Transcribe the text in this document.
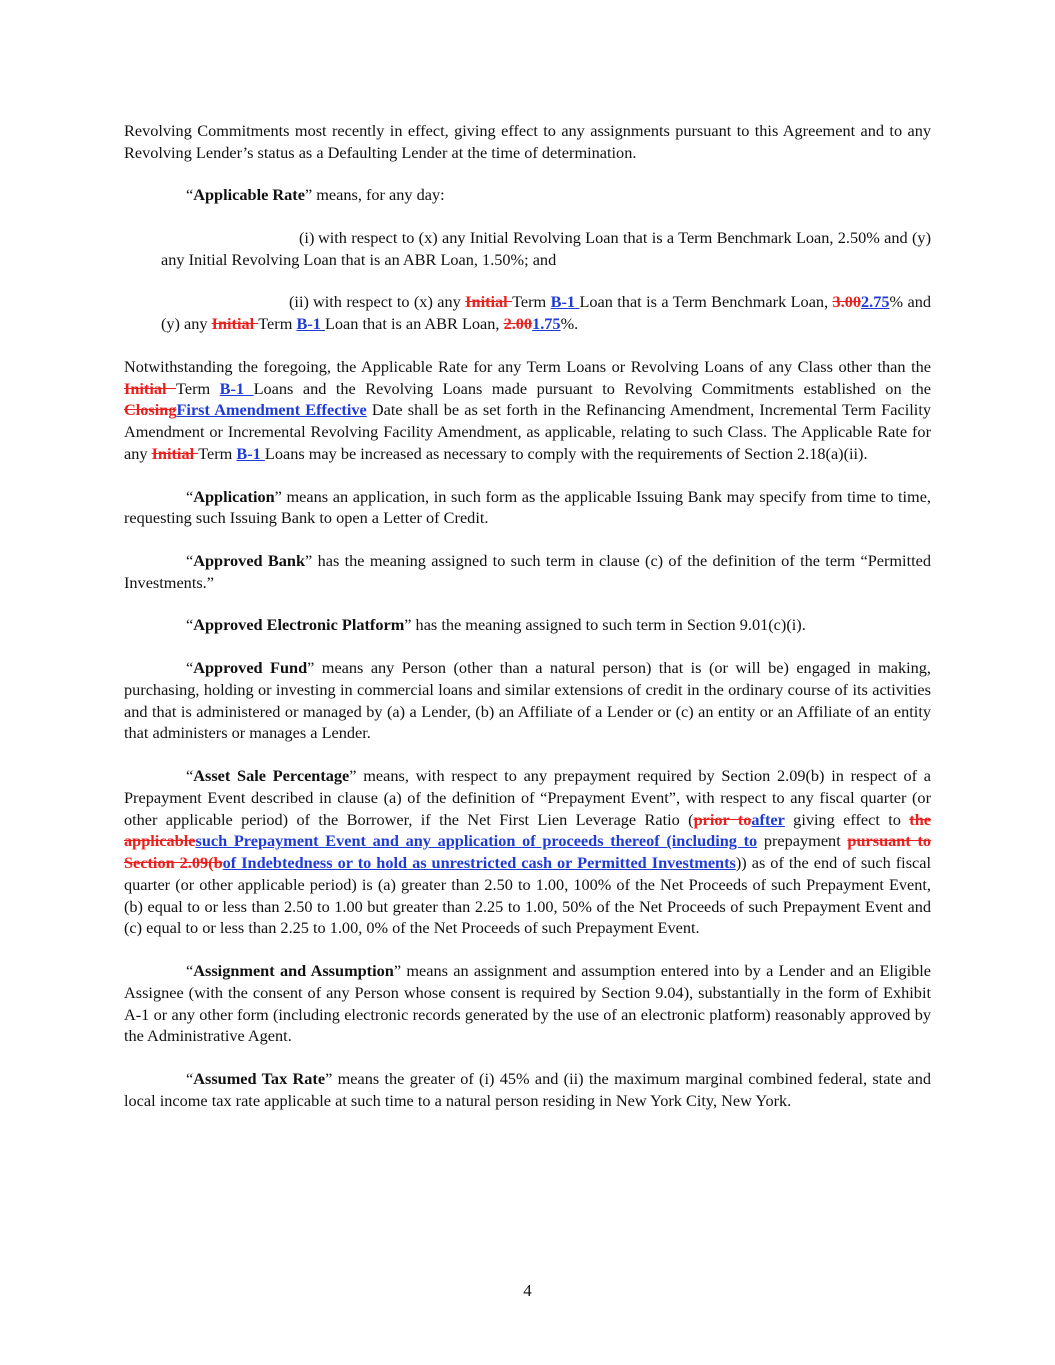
Revolving Commitments most recently in effect, giving effect to any assignments pursuant to this Agreement and to any Revolving Lender’s status as a Defaulting Lender at the time of determination.

“Applicable Rate” means, for any day:

(i) with respect to (x) any Initial Revolving Loan that is a Term Benchmark Loan, 2.50% and (y) any Initial Revolving Loan that is an ABR Loan, 1.50%; and

(ii) with respect to (x) any Initial Term B-1 Loan that is a Term Benchmark Loan, 3.002.75% and (y) any Initial Term B-1 Loan that is an ABR Loan, 2.001.75%.

Notwithstanding the foregoing, the Applicable Rate for any Term Loans or Revolving Loans of any Class other than the Initial Term B-1 Loans and the Revolving Loans made pursuant to Revolving Commitments established on the ClosingFirst Amendment Effective Date shall be as set forth in the Refinancing Amendment, Incremental Term Facility Amendment or Incremental Revolving Facility Amendment, as applicable, relating to such Class. The Applicable Rate for any Initial Term B-1 Loans may be increased as necessary to comply with the requirements of Section 2.18(a)(ii).

“Application” means an application, in such form as the applicable Issuing Bank may specify from time to time, requesting such Issuing Bank to open a Letter of Credit.

“Approved Bank” has the meaning assigned to such term in clause (c) of the definition of the term “Permitted Investments.”

“Approved Electronic Platform” has the meaning assigned to such term in Section 9.01(c)(i).

“Approved Fund” means any Person (other than a natural person) that is (or will be) engaged in making, purchasing, holding or investing in commercial loans and similar extensions of credit in the ordinary course of its activities and that is administered or managed by (a) a Lender, (b) an Affiliate of a Lender or (c) an entity or an Affiliate of an entity that administers or manages a Lender.

“Asset Sale Percentage” means, with respect to any prepayment required by Section 2.09(b) in respect of a Prepayment Event described in clause (a) of the definition of “Prepayment Event”, with respect to any fiscal quarter (or other applicable period) of the Borrower, if the Net First Lien Leverage Ratio (prior toafter giving effect to the applicablesuch Prepayment Event and any application of proceeds thereof (including to prepayment pursuant to Section 2.09(bof Indebtedness or to hold as unrestricted cash or Permitted Investments)) as of the end of such fiscal quarter (or other applicable period) is (a) greater than 2.50 to 1.00, 100% of the Net Proceeds of such Prepayment Event, (b) equal to or less than 2.50 to 1.00 but greater than 2.25 to 1.00, 50% of the Net Proceeds of such Prepayment Event and (c) equal to or less than 2.25 to 1.00, 0% of the Net Proceeds of such Prepayment Event.

“Assignment and Assumption” means an assignment and assumption entered into by a Lender and an Eligible Assignee (with the consent of any Person whose consent is required by Section 9.04), substantially in the form of Exhibit A-1 or any other form (including electronic records generated by the use of an electronic platform) reasonably approved by the Administrative Agent.

“Assumed Tax Rate” means the greater of (i) 45% and (ii) the maximum marginal combined federal, state and local income tax rate applicable at such time to a natural person residing in New York City, New York.

4
